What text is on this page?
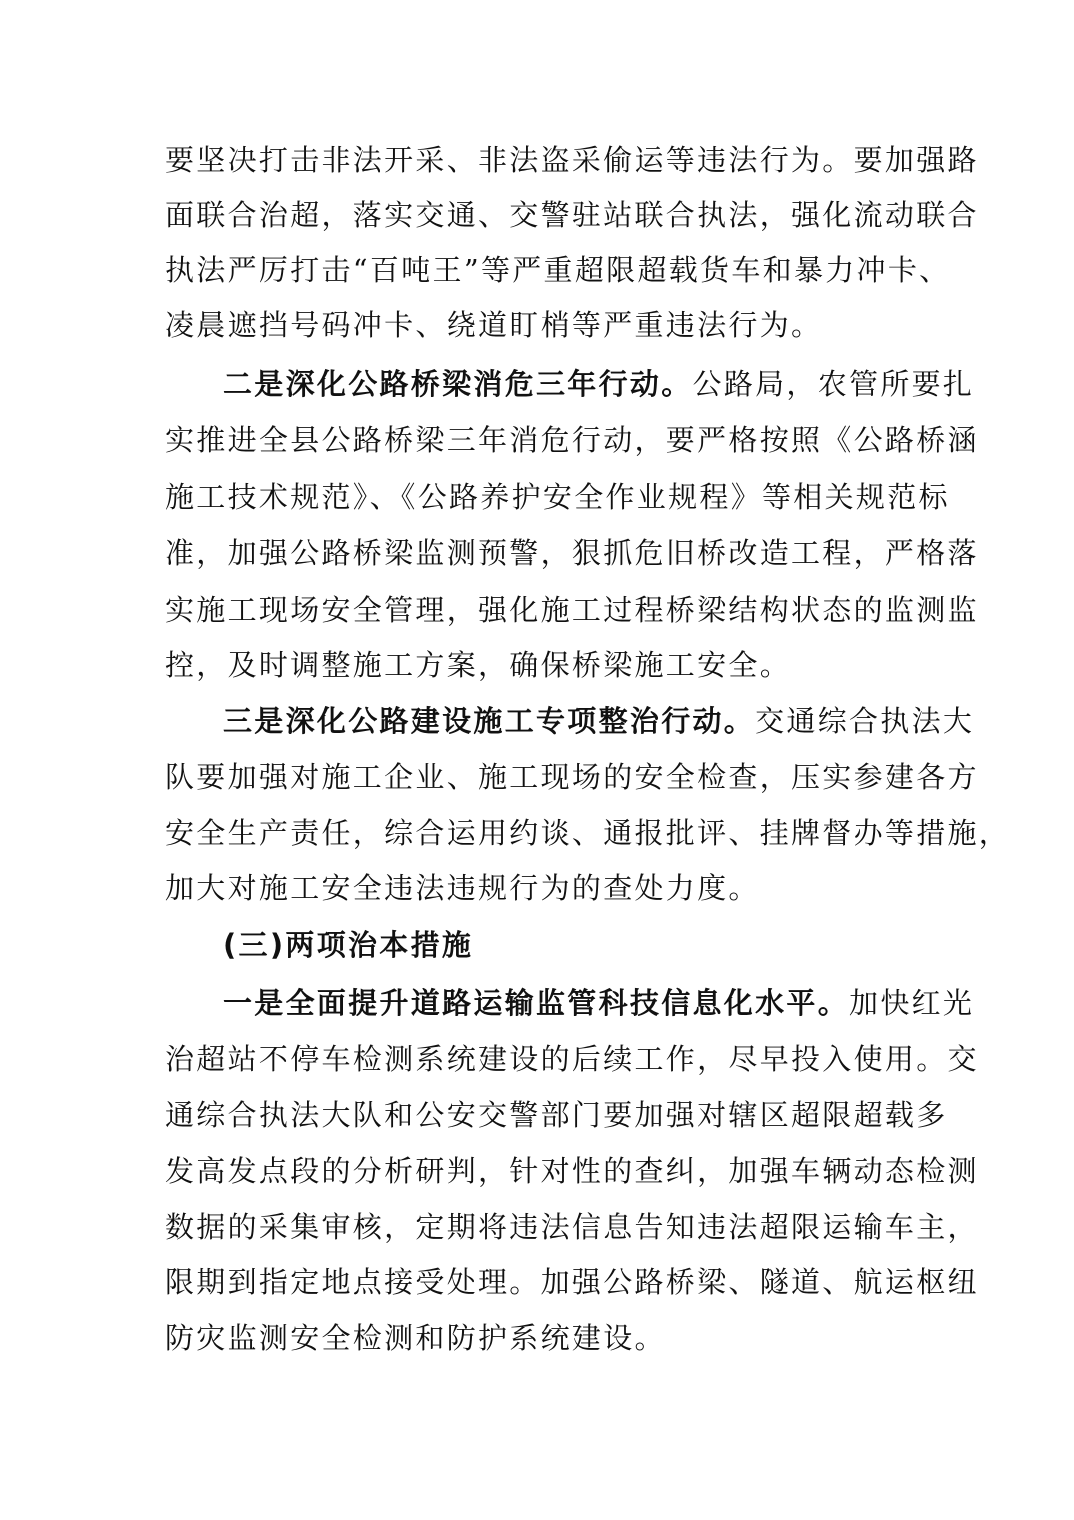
要坚决打击非法开采、非法盗采偷运等违法行为。要加强路
面联合治超，落实交通、交警驻站联合执法，强化流动联合
执法严厉打击“百吨王”等严重超限超载货车和暴力冲卡、
凌晨遮挡号码冲卡、绕道盯梢等严重违法行为。
二是深化公路桥梁消危三年行动。公路局，农管所要扎
实推进全县公路桥梁三年消危行动，要严格按照《公路桥涵
施工技术规范》、《公路养护安全作业规程》等相关规范标
准，加强公路桥梁监测预警，狠抓危旧桥改造工程，严格落
实施工现场安全管理，强化施工过程桥梁结构状态的监测监
控，及时调整施工方案，确保桥梁施工安全。
三是深化公路建设施工专项整治行动。交通综合执法大
队要加强对施工企业、施工现场的安全检查，压实参建各方
安全生产责任，综合运用约谈、通报批评、挂牌督办等措施，
加大对施工安全违法违规行为的查处力度。
(三)两项治本措施
一是全面提升道路运输监管科技信息化水平。加快红光
治超站不停车检测系统建设的后续工作，尽早投入使用。交
通综合执法大队和公安交警部门要加强对辖区超限超载多
发高发点段的分析研判，针对性的查纠，加强车辆动态检测
数据的采集审核，定期将违法信息告知违法超限运输车主，
限期到指定地点接受处理。加强公路桥梁、隧道、航运枢纽
防灾监测安全检测和防护系统建设。
